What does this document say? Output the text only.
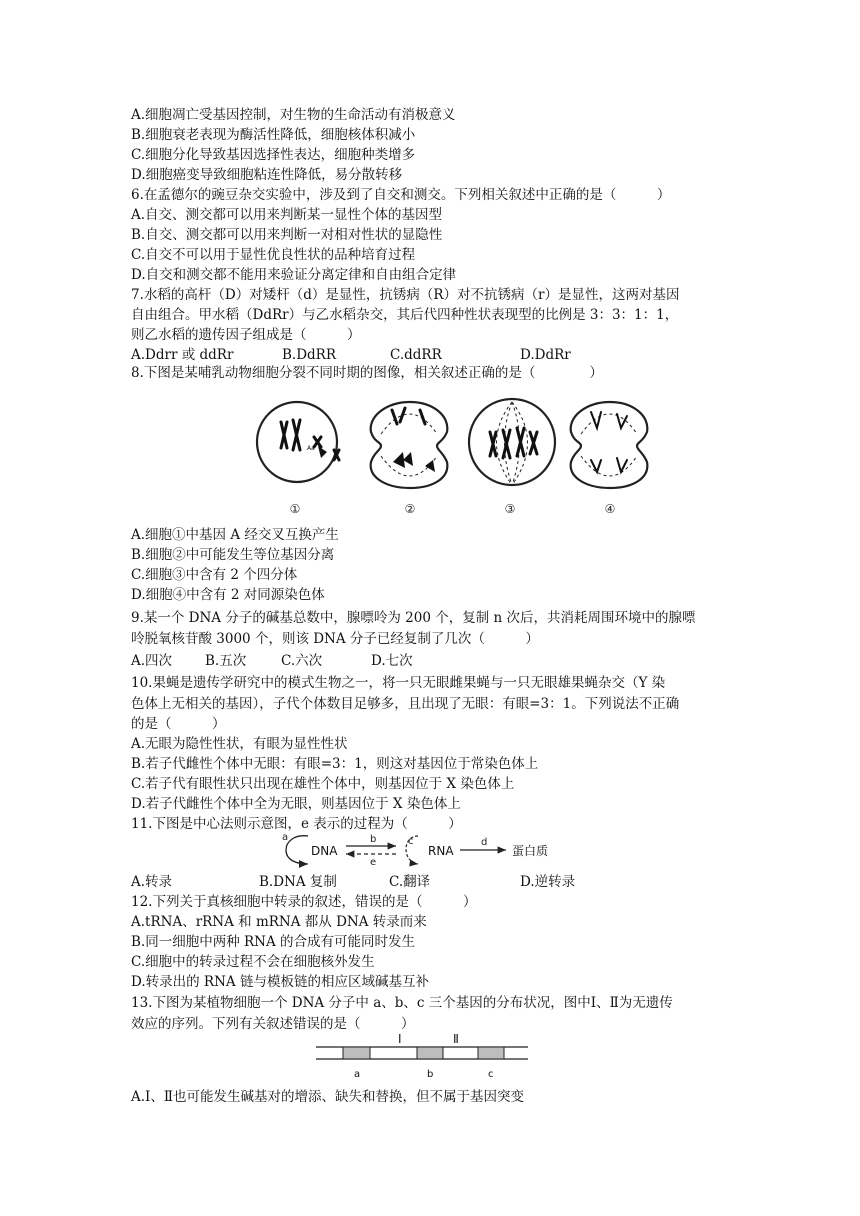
A.细胞凋亡受基因控制，对生物的生命活动有消极意义
B.细胞衰老表现为酶活性降低，细胞核体积减小
C.细胞分化导致基因选择性表达，细胞种类增多
D.细胞癌变导致细胞粘连性降低，易分散转移
6.在孟德尔的豌豆杂交实验中，涉及到了自交和测交。下列相关叙述中正确的是（　　　）
A.自交、测交都可以用来判断某一显性个体的基因型
B.自交、测交都可以用来判断一对相对性状的显隐性
C.自交不可以用于显性优良性状的品种培育过程
D.自交和测交都不能用来验证分离定律和自由组合定律
7.水稻的高杆（D）对矮杆（d）是显性，抗锈病（R）对不抗锈病（r）是显性，这两对基因
自由组合。甲水稻（DdRr）与乙水稻杂交，其后代四种性状表现型的比例是 3：3：1：1，
则乙水稻的遗传因子组成是（　　　）
A.Ddrr 或 ddRr	B.DdRR	C.ddRR	D.DdRr
8.下图是某哺乳动物细胞分裂不同时期的图像，相关叙述正确的是（　　　　）
A a
①	②	③	④
A.细胞①中基因 A 经交叉互换产生
B.细胞②中可能发生等位基因分离
C.细胞③中含有 2 个四分体
D.细胞④中含有 2 对同源染色体
9.某一个 DNA 分子的碱基总数中，腺嘌呤为 200 个，复制 n 次后，共消耗周围环境中的腺嘌
呤脱氧核苷酸 3000 个，则该 DNA 分子已经复制了几次（　　　）
A.四次 B.五次	C.六次	D.七次
10.果蝇是遗传学研究中的模式生物之一，将一只无眼雌果蝇与一只无眼雄果蝇杂交（Y 染
色体上无相关的基因），子代个体数目足够多，且出现了无眼：有眼=3：1。下列说法不正确
的是（　　　）
A.无眼为隐性性状，有眼为显性性状
B.若子代雌性个体中无眼：有眼=3：1，则这对基因位于常染色体上
C.若子代有眼性状只出现在雄性个体中，则基因位于 X 染色体上
D.若子代雌性个体中全为无眼，则基因位于 X 染色体上
11.下图是中心法则示意图，e 表示的过程为（　　　）
a
DNA
b
e
c
RNA
d
蛋白质
A.转录	B.DNA 复制	C.翻译	D.逆转录
12.下列关于真核细胞中转录的叙述，错误的是（　　　）
A.tRNA、rRNA 和 mRNA 都从 DNA 转录而来
B.同一细胞中两种 RNA 的合成有可能同时发生
C.细胞中的转录过程不会在细胞核外发生
D.转录出的 RNA 链与模板链的相应区域碱基互补
13.下图为某植物细胞一个 DNA 分子中 a、b、c 三个基因的分布状况，图中Ⅰ、Ⅱ为无遗传
效应的序列。下列有关叙述错误的是（　　　）
Ⅰ	Ⅱ
a	b	c
A.Ⅰ、Ⅱ也可能发生碱基对的增添、缺失和替换，但不属于基因突变
